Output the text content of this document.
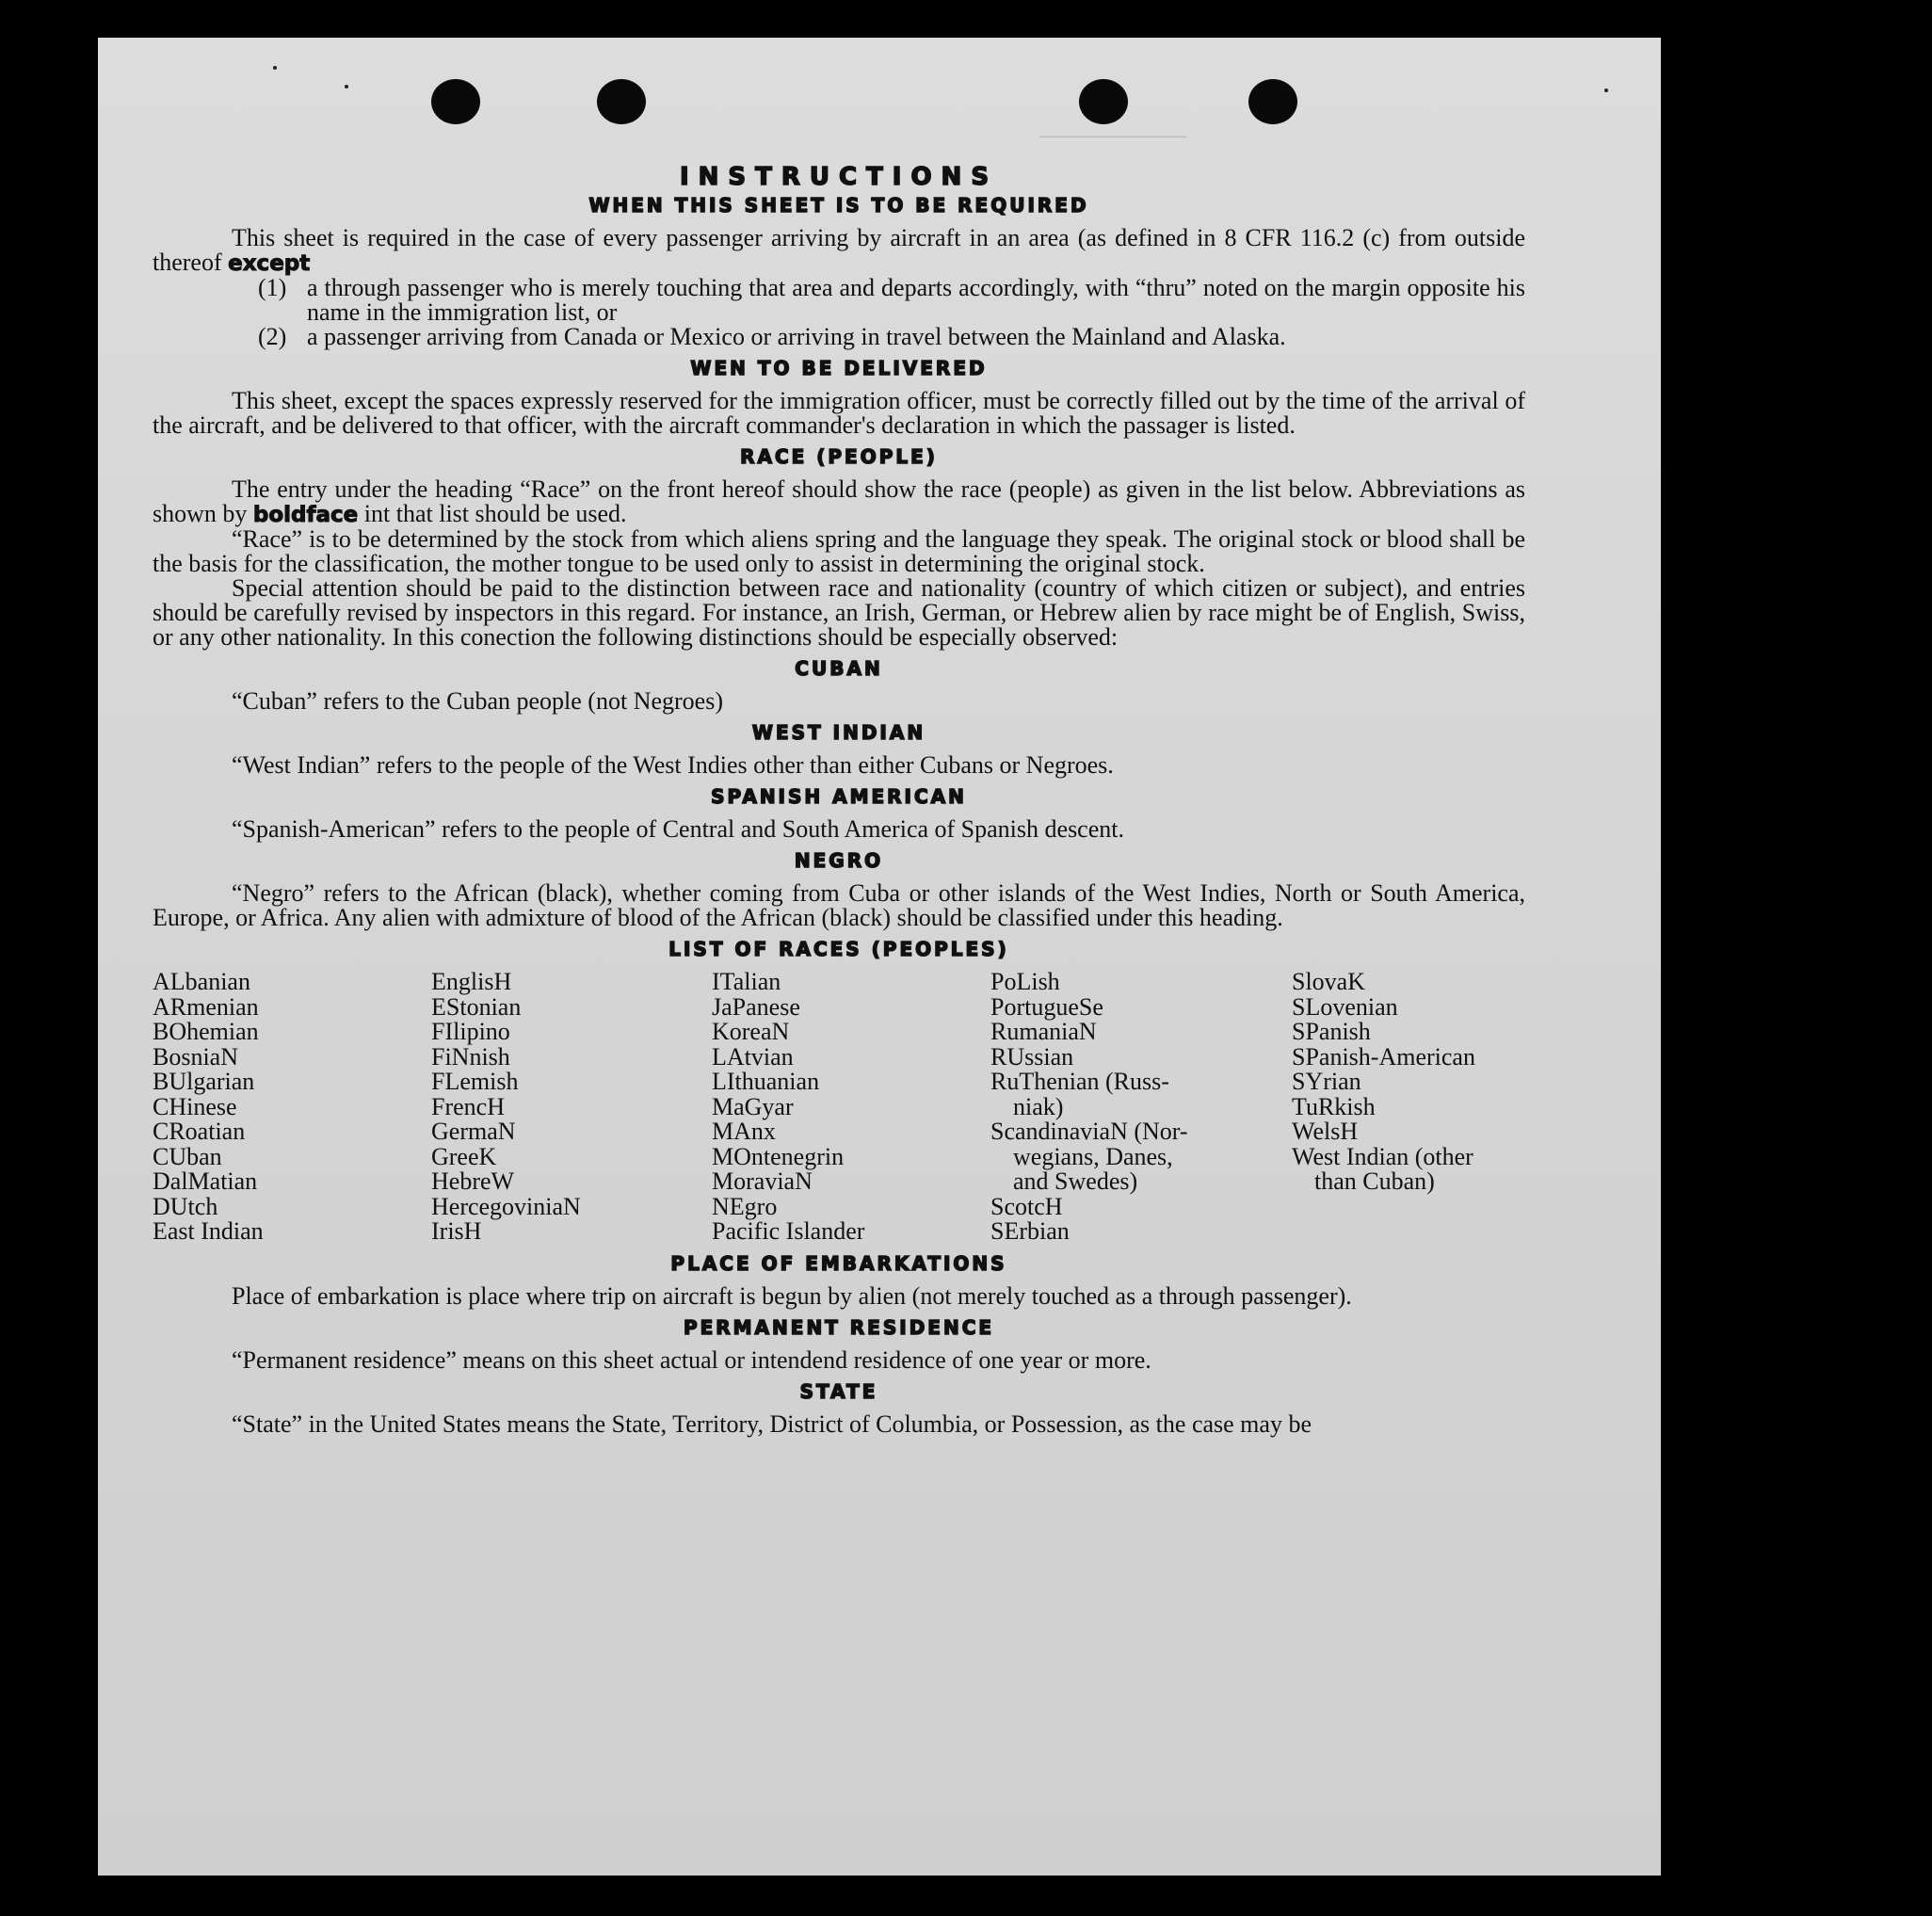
──────────
INSTRUCTIONS
WHEN THIS SHEET IS TO BE REQUIRED

This sheet is required in the case of every passenger arriving by aircraft in an area (as defined in 8 CFR 116.2 (c) from outside thereof except

(1) a through passenger who is merely touching that area and departs accordingly, with “thru” noted on the margin opposite his name in the immigration list, or
(2) a passenger arriving from Canada or Mexico or arriving in travel between the Mainland and Alaska.
WEN TO BE DELIVERED

This sheet, except the spaces expressly reserved for the immigration officer, must be correctly filled out by the time of the arrival of the aircraft, and be delivered to that officer, with the aircraft commander's declaration in which the passager is listed.

RACE (PEOPLE)

The entry under the heading “Race” on the front hereof should show the race (people) as given in the list below. Abbreviations as shown by boldface int that list should be used.

“Race” is to be determined by the stock from which aliens spring and the language they speak. The original stock or blood shall be the basis for the classification, the mother tongue to be used only to assist in determining the original stock.

Special attention should be paid to the distinction between race and nationality (country of which citizen or subject), and entries should be carefully revised by inspectors in this regard. For instance, an Irish, German, or Hebrew alien by race might be of English, Swiss, or any other nationality. In this conection the following distinctions should be especially observed:

CUBAN

“Cuban” refers to the Cuban people (not Negroes)

WEST INDIAN

“West Indian” refers to the people of the West Indies other than either Cubans or Negroes.

SPANISH AMERICAN

“Spanish-American” refers to the people of Central and South America of Spanish descent.

NEGRO

“Negro” refers to the African (black), whether coming from Cuba or other islands of the West Indies, North or South America, Europe, or Africa. Any alien with admixture of blood of the African (black) should be classified under this heading.

LIST OF RACES (PEOPLES)
ALbanian
ARmenian
BOhemian
BosniaN
BUlgarian
CHinese
CRoatian
CUban
DalMatian
DUtch
East Indian
EnglisH
EStonian
FIlipino
FiNnish
FLemish
FrencH
GermaN
GreeK
HebreW
HercegoviniaN
IrisH
ITalian
JaPanese
KoreaN
LAtvian
LIthuanian
MaGyar
MAnx
MOntenegrin
MoraviaN
NEgro
Pacific Islander
PoLish
PortugueSe
RumaniaN
RUssian
RuThenian (Russ-
niak)
ScandinaviaN (Nor-
wegians, Danes,
and Swedes)
ScotcH
SErbian
SlovaK
SLovenian
SPanish
SPanish-American
SYrian
TuRkish
WelsH
West Indian (other
than Cuban)
PLACE OF EMBARKATIONS

Place of embarkation is place where trip on aircraft is begun by alien (not merely touched as a through passenger).

PERMANENT RESIDENCE

“Permanent residence” means on this sheet actual or intendend residence of one year or more.

STATE

“State” in the United States means the State, Territory, District of Columbia, or Possession, as the case may be
